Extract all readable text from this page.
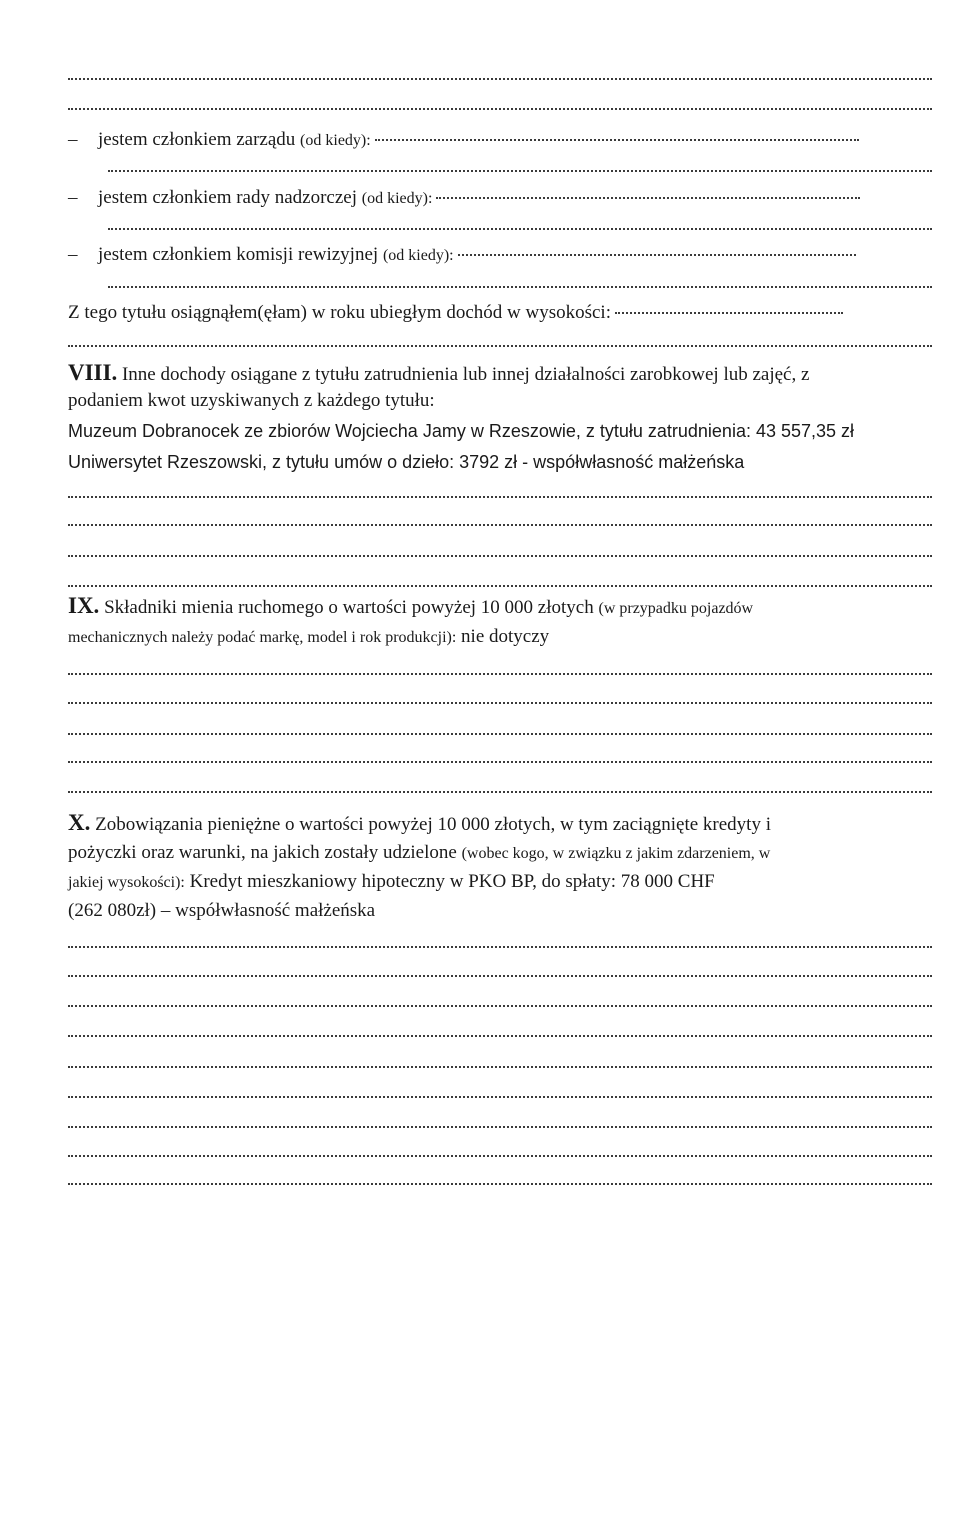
– jestem członkiem zarządu (od kiedy):
– jestem członkiem rady nadzorczej (od kiedy):
– jestem członkiem komisji rewizyjnej (od kiedy):
Z tego tytułu osiągnąłem(ęłam) w roku ubiegłym dochód w wysokości:
VIII. Inne dochody osiągane z tytułu zatrudnienia lub innej działalności zarobkowej lub zajęć, z
podaniem kwot uzyskiwanych z każdego tytułu:
Muzeum Dobranocek ze zbiorów Wojciecha Jamy w Rzeszowie, z tytułu zatrudnienia: 43 557,35 zł
Uniwersytet Rzeszowski, z tytułu umów o dzieło: 3792 zł - współwłasność małżeńska
IX. Składniki mienia ruchomego o wartości powyżej 10 000 złotych (w przypadku pojazdów
mechanicznych należy podać markę, model i rok produkcji): nie dotyczy
X. Zobowiązania pieniężne o wartości powyżej 10 000 złotych, w tym zaciągnięte kredyty i
pożyczki oraz warunki, na jakich zostały udzielone (wobec kogo, w związku z jakim zdarzeniem, w
jakiej wysokości): Kredyt mieszkaniowy hipoteczny w PKO BP, do spłaty: 78 000 CHF
(262 080zł) – współwłasność małżeńska
